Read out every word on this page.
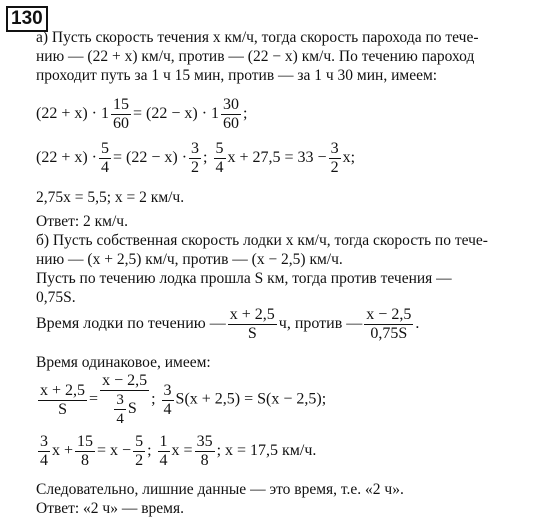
130
а) Пусть скорость течения x км/ч, тогда скорость парохода по тече-
нию — (22 + x) км/ч, против — (22 − x) км/ч. По течению пароход
проходит путь за 1 ч 15 мин, против — за 1 ч 30 мин, имеем:
$(22 + x) \cdot 1 \frac{15}{60} = (22 - x) \cdot 1 \frac{30}{60}$ ;
$(22 + x) \cdot \frac{5}{4} = (22 - x) \cdot \frac{3}{2}$ ; $\frac{5}{4}$ $x + 27,5 = 33 - \frac{3}{2} x$;
2,75x = 5,5; x = 2 км/ч.
Ответ: 2 км/ч.
б) Пусть собственная скорость лодки x км/ч, тогда скорость по тече-
нию — (x + 2,5) км/ч, против — (x − 2,5) км/ч.
Пусть по течению лодка прошла S км, тогда против течения —
0,75S.
Время лодки по течению — $\frac{x + 2,5}{S} ч$, против — $\frac{x - 2,5}{0,75S}$ .
Время одинаковое, имеем:
$\frac{x + 2,5}{S} = \frac{x - 2,5}{\frac{3}{4} S}$ ; $\frac{3}{4} S(x + 2,5) = S(x - 2,5)$;
$\frac{3}{4}$ $x + \frac{15}{8} = x - \frac{5}{2}$ ; $\frac{1}{4}$ $x = \frac{35}{8}$ ; x = 17,5 км/ч.
Следовательно, лишние данные — это время, т.е. «2 ч».
Ответ: «2 ч» — время.
